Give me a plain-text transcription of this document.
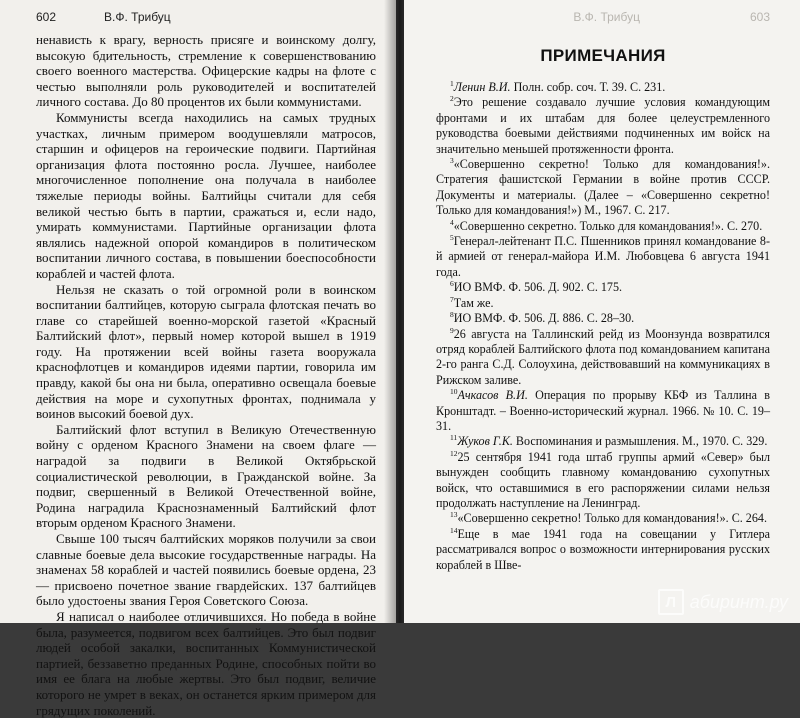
602	В.Ф. Трибуц

ненависть к врагу, верность присяге и воинскому долгу, высокую бдительность, стремление к совершенствованию своего военного мастерства. Офицерские кадры на флоте с честью выполняли роль руководителей и воспитателей личного состава. До 80 процентов их были коммунистами.

Коммунисты всегда находились на самых трудных участках, личным примером воодушевляли матросов, старшин и офицеров на героические подвиги. Партийная организация флота постоянно росла. Лучшее, наиболее многочисленное пополнение она получала в наиболее тяжелые периоды войны. Балтийцы считали для себя великой честью быть в партии, сражаться и, если надо, умирать коммунистами. Партийные организации флота являлись надежной опорой командиров в политическом воспитании личного состава, в повышении боеспособности кораблей и частей флота.

Нельзя не сказать о той огромной роли в воинском воспитании балтийцев, которую сыграла флотская печать во главе со старейшей военно-морской газетой «Красный Балтийский флот», первый номер которой вышел в 1919 году. На протяжении всей войны газета вооружала краснофлотцев и командиров идеями партии, говорила им правду, какой бы она ни была, оперативно освещала боевые действия на море и сухопутных фронтах, поднимала у воинов высокий боевой дух.

Балтийский флот вступил в Великую Отечественную войну с орденом Красного Знамени на своем флаге — наградой за подвиги в Великой Октябрьской социалистической революции, в Гражданской войне. За подвиг, свершенный в Великой Отечественной войне, Родина наградила Краснознаменный Балтийский флот вторым орденом Красного Знамени.

Свыше 100 тысяч балтийских моряков получили за свои славные боевые дела высокие государственные награды. На знаменах 58 кораблей и частей появились боевые ордена, 23 — присвоено почетное звание гвардейских. 137 балтийцев было удостоены звания Героя Советского Союза.

Я написал о наиболее отличившихся. Но победа в войне была, разумеется, подвигом всех балтийцев. Это был подвиг людей особой закалки, воспитанных Коммунистической партией, беззаветно преданных Родине, способных пойти во имя ее блага на любые жертвы. Это был подвиг, величие которого не умрет в веках, он останется ярким примером для грядущих поколений.

В.Ф. Трибуц	603
ПРИМЕЧАНИЯ

$^1$Ленин В.И. Полн. собр. соч. Т. 39. С. 231.

$^2$Это решение создавало лучшие условия командующим фронтами и их штабам для более целеустремленного руководства боевыми действиями подчиненных им войск на значительно меньшей протяженности фронта.

$^3$«Совершенно секретно! Только для командования!». Стратегия фашистской Германии в войне против СССР. Документы и материалы. (Далее – «Совершенно секретно! Только для командования!») М., 1967. С. 217.

$^4$«Совершенно секретно. Только для командования!». С. 270.

$^5$Генерал-лейтенант П.С. Пшенников принял командование 8-й армией от генерал-майора И.М. Любовцева 6 августа 1941 года.

$^6$ИО ВМФ. Ф. 506. Д. 902. С. 175.

$^7$Там же.

$^8$ИО ВМФ. Ф. 506. Д. 886. С. 28–30.

$^9$26 августа на Таллинский рейд из Моонзунда возвратился отряд кораблей Балтийского флота под командованием капитана 2-го ранга С.Д. Солоухина, действовавший на коммуникациях в Рижском заливе.

$^{10}$Ачкасов В.И. Операция по прорыву КБФ из Таллина в Кронштадт. – Военно-исторический журнал. 1966. № 10. С. 19–31.

$^{11}$Жуков Г.К. Воспоминания и размышления. М., 1970. С. 329.

$^{12}$25 сентября 1941 года штаб группы армий «Север» был вынужден сообщить главному командованию сухопутных войск, что оставшимися в его распоряжении силами нельзя продолжать наступление на Ленинград.

$^{13}$«Совершенно секретно! Только для командования!». С. 264.

$^{14}$Еще в мае 1941 года на совещании у Гитлера рассматривался вопрос о возможности интернирования русских кораблей в Шве-

Л абиринт.ру
